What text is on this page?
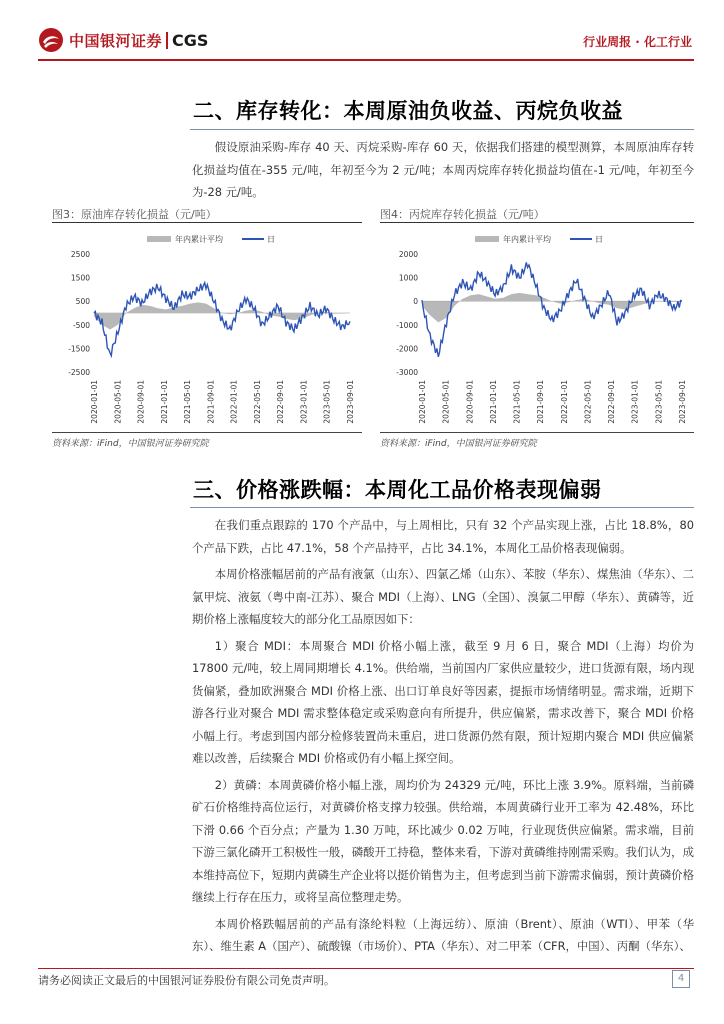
中国银河证券 CGS	行业周报 · 化工行业
二、库存转化：本周原油负收益、丙烷负收益

假设原油采购-库存 40 天、丙烷采购-库存 60 天，依据我们搭建的模型测算，本周原油库存转化损益均值在-355 元/吨，年初至今为 2 元/吨；本周丙烷库存转化损益均值在-1 元/吨，年初至今为-28 元/吨。

图3：原油库存转化损益（元/吨）
年内累计平均	日
2500
1500
500
-500
-1500
-2500
2020-01-01 2020-05-01 2020-09-01 2021-01-01 2021-05-01 2021-09-01 2022-01-01 2022-05-01 2022-09-01 2023-01-01 2023-05-01 2023-09-01
资料来源：iFind，中国银河证券研究院
图4：丙烷库存转化损益（元/吨）
年内累计平均	日
2000
1000
0
-1000
-2000
-3000
2020-01-01 2020-05-01 2020-09-01 2021-01-01 2021-05-01 2021-09-01 2022-01-01 2022-05-01 2022-09-01 2023-01-01 2023-05-01 2023-09-01
资料来源：iFind，中国银河证券研究院
三、价格涨跌幅：本周化工品价格表现偏弱

在我们重点跟踪的 170 个产品中，与上周相比，只有 32 个产品实现上涨，占比 18.8%，80 个产品下跌，占比 47.1%，58 个产品持平，占比 34.1%，本周化工品价格表现偏弱。

本周价格涨幅居前的产品有液氯（山东）、四氯乙烯（山东）、苯胺（华东）、煤焦油（华东）、二氯甲烷、液氨（粤中南-江苏）、聚合 MDI（上海）、LNG（全国）、溴氯二甲醇（华东）、黄磷等，近期价格上涨幅度较大的部分化工品原因如下：

1）聚合 MDI：本周聚合 MDI 价格小幅上涨，截至 9 月 6 日，聚合 MDI（上海）均价为 17800 元/吨，较上周同期增长 4.1%。供给端，当前国内厂家供应量较少，进口货源有限，场内现货偏紧，叠加欧洲聚合 MDI 价格上涨、出口订单良好等因素，提振市场情绪明显。需求端，近期下游各行业对聚合 MDI 需求整体稳定或采购意向有所提升，供应偏紧，需求改善下，聚合 MDI 价格小幅上行。考虑到国内部分检修装置尚未重启，进口货源仍然有限，预计短期内聚合 MDI 供应偏紧难以改善，后续聚合 MDI 价格或仍有小幅上探空间。

2）黄磷：本周黄磷价格小幅上涨，周均价为 24329 元/吨，环比上涨 3.9%。原料端，当前磷矿石价格维持高位运行，对黄磷价格支撑力较强。供给端，本周黄磷行业开工率为 42.48%，环比下滑 0.66 个百分点；产量为 1.30 万吨，环比减少 0.02 万吨，行业现货供应偏紧。需求端，目前下游三氯化磷开工积极性一般，磷酸开工持稳，整体来看，下游对黄磷维持刚需采购。我们认为，成本维持高位下，短期内黄磷生产企业将以挺价销售为主，但考虑到当前下游需求偏弱，预计黄磷价格继续上行存在压力，或将呈高位整理走势。

本周价格跌幅居前的产品有涤纶料粒（上海远纺）、原油（Brent）、原油（WTI）、甲苯（华东）、维生素 A（国产）、硫酸镍（市场价）、PTA（华东）、对二甲苯（CFR，中国）、丙酮（华东）、

请务必阅读正文最后的中国银河证券股份有限公司免责声明。	4
